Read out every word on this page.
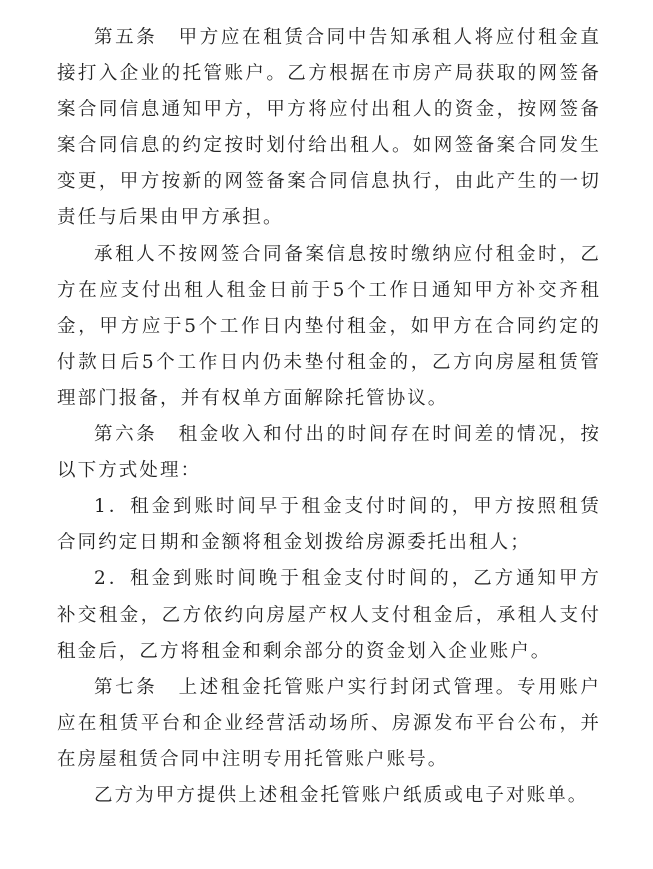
第五条　甲方应在租赁合同中告知承租人将应付租金直接打入企业的托管账户。乙方根据在市房产局获取的网签备案合同信息通知甲方，甲方将应付出租人的资金，按网签备案合同信息的约定按时划付给出租人。如网签备案合同发生变更，甲方按新的网签备案合同信息执行，由此产生的一切责任与后果由甲方承担。

承租人不按网签合同备案信息按时缴纳应付租金时，乙方在应支付出租人租金日前于5个工作日通知甲方补交齐租金，甲方应于5个工作日内垫付租金，如甲方在合同约定的付款日后5个工作日内仍未垫付租金的，乙方向房屋租赁管理部门报备，并有权单方面解除托管协议。

第六条　租金收入和付出的时间存在时间差的情况，按以下方式处理：

1．租金到账时间早于租金支付时间的，甲方按照租赁合同约定日期和金额将租金划拨给房源委托出租人；

2．租金到账时间晚于租金支付时间的，乙方通知甲方补交租金，乙方依约向房屋产权人支付租金后，承租人支付租金后，乙方将租金和剩余部分的资金划入企业账户。

第七条　上述租金托管账户实行封闭式管理。专用账户应在租赁平台和企业经营活动场所、房源发布平台公布，并在房屋租赁合同中注明专用托管账户账号。

乙方为甲方提供上述租金托管账户纸质或电子对账单。
